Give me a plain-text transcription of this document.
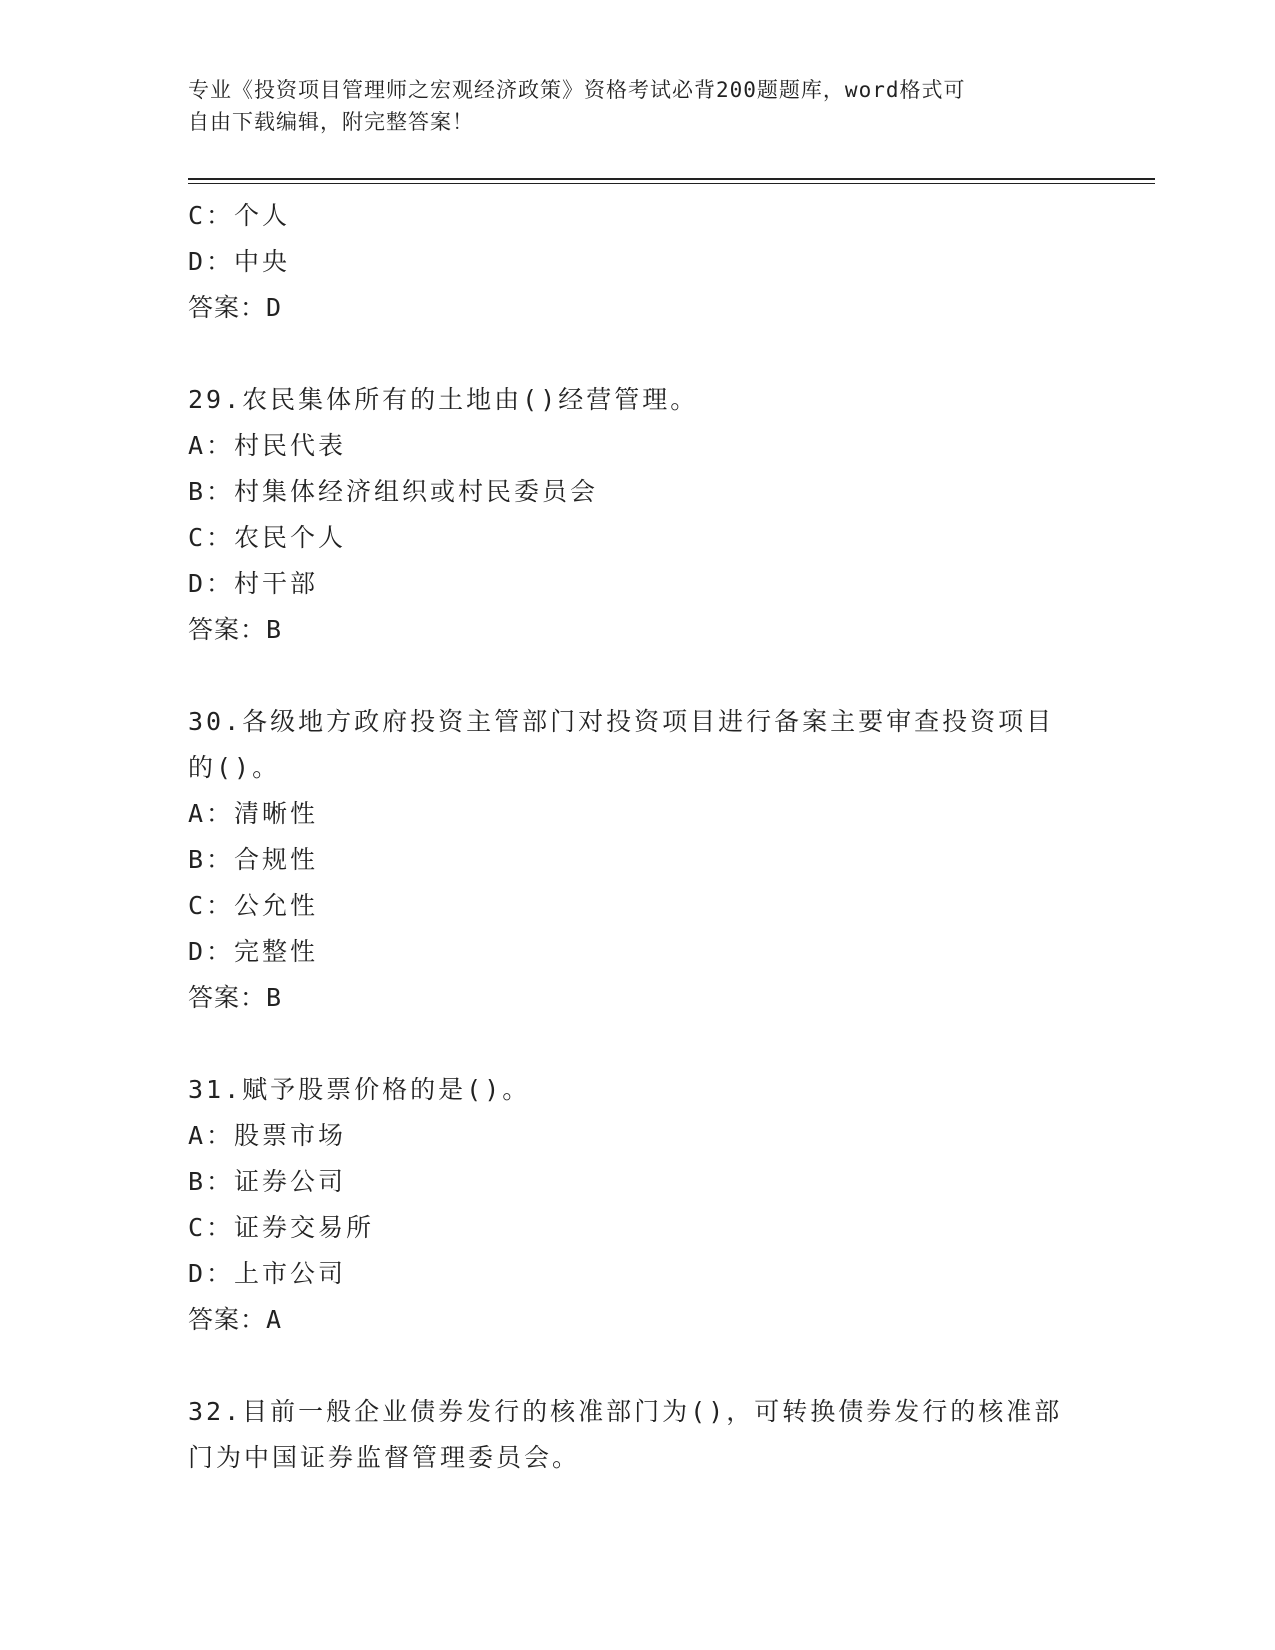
专业《投资项目管理师之宏观经济政策》资格考试必背200题题库，word格式可
自由下载编辑，附完整答案！
C：个人
D：中央
答案：D
29.农民集体所有的土地由()经营管理。
A：村民代表
B：村集体经济组织或村民委员会
C：农民个人
D：村干部
答案：B
30.各级地方政府投资主管部门对投资项目进行备案主要审查投资项目
的()。
A：清晰性
B：合规性
C：公允性
D：完整性
答案：B
31.赋予股票价格的是()。
A：股票市场
B：证券公司
C：证券交易所
D：上市公司
答案：A
32.目前一般企业债券发行的核准部门为()，可转换债券发行的核准部
门为中国证券监督管理委员会。
